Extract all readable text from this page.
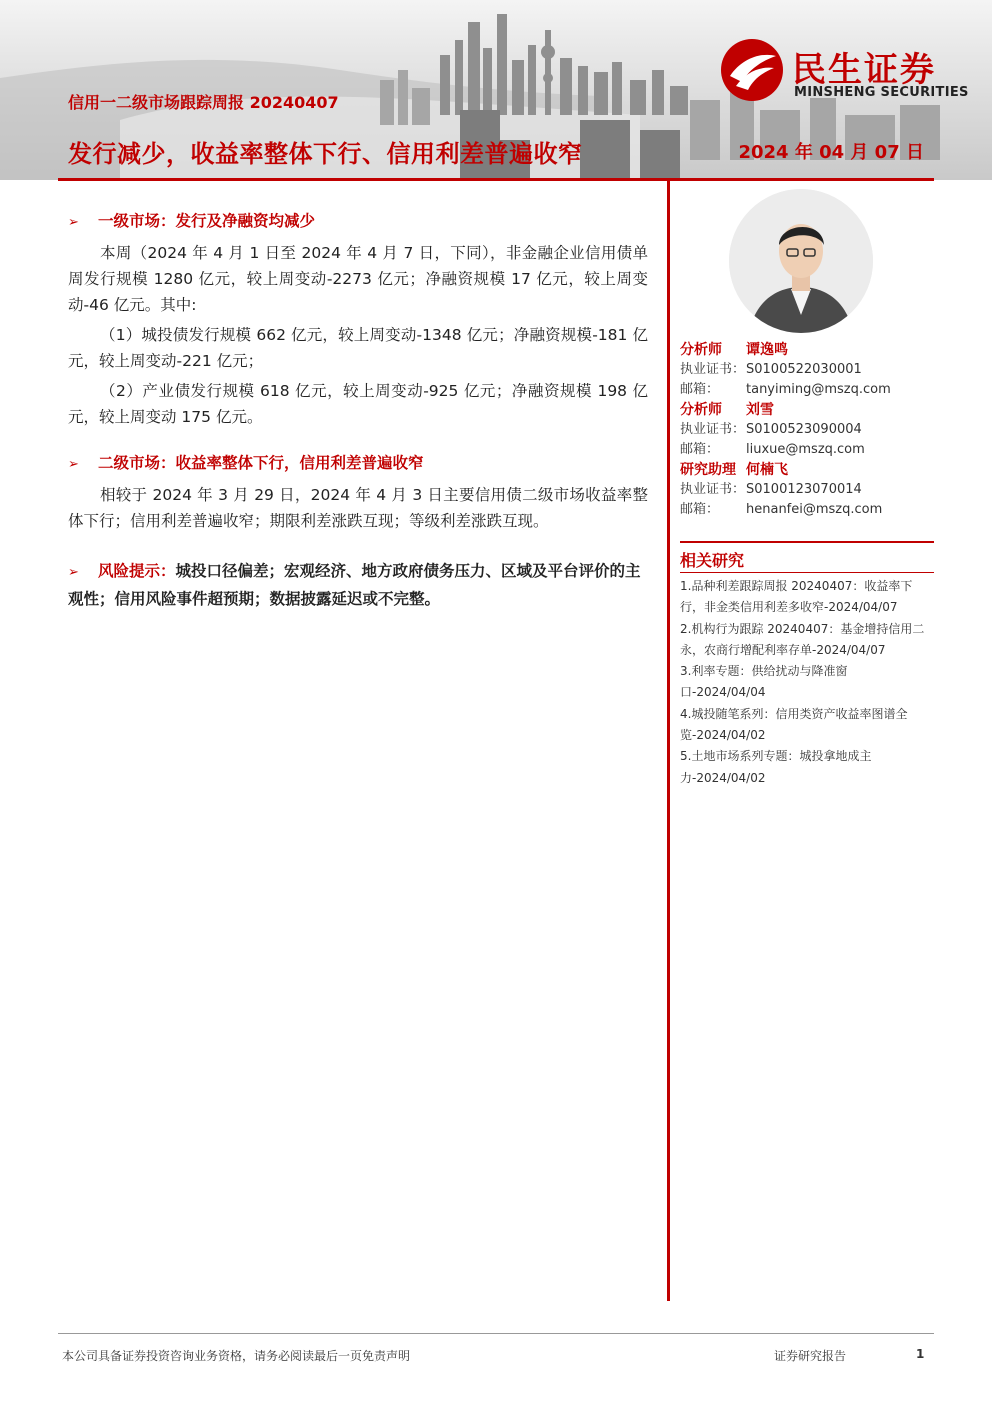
民生证券
MINSHENG SECURITIES
信用一二级市场跟踪周报 20240407
发行减少，收益率整体下行、信用利差普遍收窄	2024 年 04 月 07 日
➢ 一级市场：发行及净融资均减少

本周（2024 年 4 月 1 日至 2024 年 4 月 7 日，下同），非金融企业信用债单周发行规模 1280 亿元，较上周变动-2273 亿元；净融资规模 17 亿元，较上周变动-46 亿元。其中:

（1）城投债发行规模 662 亿元，较上周变动-1348 亿元；净融资规模-181 亿元，较上周变动-221 亿元；

（2）产业债发行规模 618 亿元，较上周变动-925 亿元；净融资规模 198 亿元，较上周变动 175 亿元。

➢ 二级市场：收益率整体下行，信用利差普遍收窄

相较于 2024 年 3 月 29 日，2024 年 4 月 3 日主要信用债二级市场收益率整体下行；信用利差普遍收窄；期限利差涨跌互现；等级利差涨跌互现。

➢ 风险提示：城投口径偏差；宏观经济、地方政府债务压力、区域及平台评价的主观性；信用风险事件超预期；数据披露延迟或不完整。
分析师 谭逸鸣
执业证书：S0100522030001
邮箱： tanyiming@mszq.com
分析师 刘雪
执业证书：S0100523090004
邮箱： liuxue@mszq.com
研究助理 何楠飞
执业证书：S0100123070014
邮箱： henanfei@mszq.com
相关研究

1.品种利差跟踪周报 20240407：收益率下行，非金类信用利差多收窄-2024/04/07

2.机构行为跟踪 20240407：基金增持信用二永，农商行增配利率存单-2024/04/07

3.利率专题：供给扰动与降准窗口-2024/04/04

4.城投随笔系列：信用类资产收益率图谱全览-2024/04/02

5.土地市场系列专题：城投拿地成主力-2024/04/02

本公司具备证券投资咨询业务资格，请务必阅读最后一页免责声明	证券研究报告	1
